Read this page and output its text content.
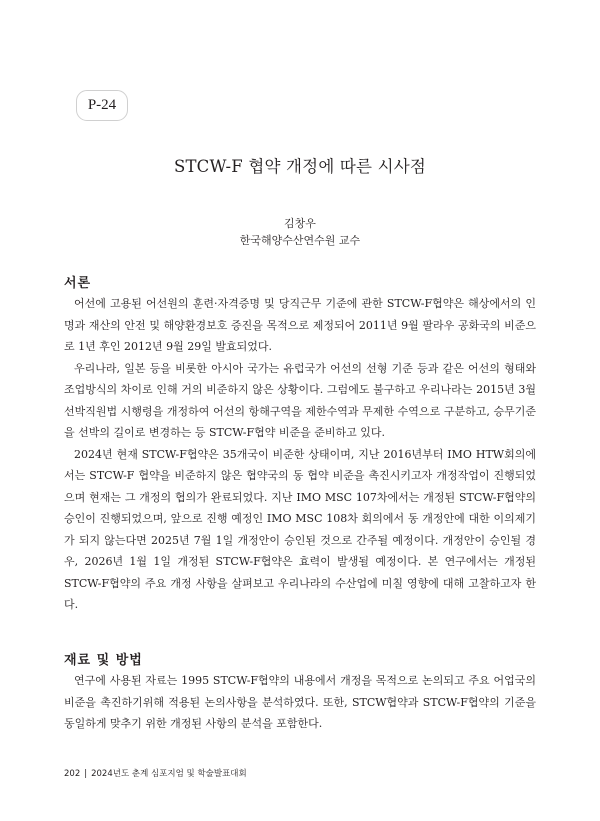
P-24
STCW-F 협약 개정에 따른 시사점
김창우
한국해양수산연수원 교수
서론

어선에 고용된 어선원의 훈련·자격증명 및 당직근무 기준에 관한 STCW-F협약은 해상에서의 인명과 재산의 안전 및 해양환경보호 증진을 목적으로 제정되어 2011년 9월 팔라우 공화국의 비준으로 1년 후인 2012년 9월 29일 발효되었다.

우리나라, 일본 등을 비롯한 아시아 국가는 유럽국가 어선의 선형 기준 등과 같은 어선의 형태와 조업방식의 차이로 인해 거의 비준하지 않은 상황이다. 그럼에도 불구하고 우리나라는 2015년 3월 선박직원법 시행령을 개정하여 어선의 항해구역을 제한수역과 무제한 수역으로 구분하고, 승무기준을 선박의 길이로 변경하는 등 STCW-F협약 비준을 준비하고 있다.

2024년 현재 STCW-F협약은 35개국이 비준한 상태이며, 지난 2016년부터 IMO HTW회의에서는 STCW-F 협약을 비준하지 않은 협약국의 동 협약 비준을 촉진시키고자 개정작업이 진행되었으며 현재는 그 개정의 협의가 완료되었다. 지난 IMO MSC 107차에서는 개정된 STCW-F협약의 승인이 진행되었으며, 앞으로 진행 예정인 IMO MSC 108차 회의에서 동 개정안에 대한 이의제기가 되지 않는다면 2025년 7월 1일 개정안이 승인된 것으로 간주될 예정이다. 개정안이 승인될 경우, 2026년 1월 1일 개정된 STCW-F협약은 효력이 발생될 예정이다. 본 연구에서는 개정된 STCW-F협약의 주요 개정 사항을 살펴보고 우리나라의 수산업에 미칠 영향에 대해 고찰하고자 한다.

재료 및 방법

연구에 사용된 자료는 1995 STCW-F협약의 내용에서 개정을 목적으로 논의되고 주요 어업국의 비준을 촉진하기위해 적용된 논의사항을 분석하였다. 또한, STCW협약과 STCW-F협약의 기준을 동일하게 맞추기 위한 개정된 사항의 분석을 포함한다.

202 | 2024년도 춘계 심포지엄 및 학술발표대회
